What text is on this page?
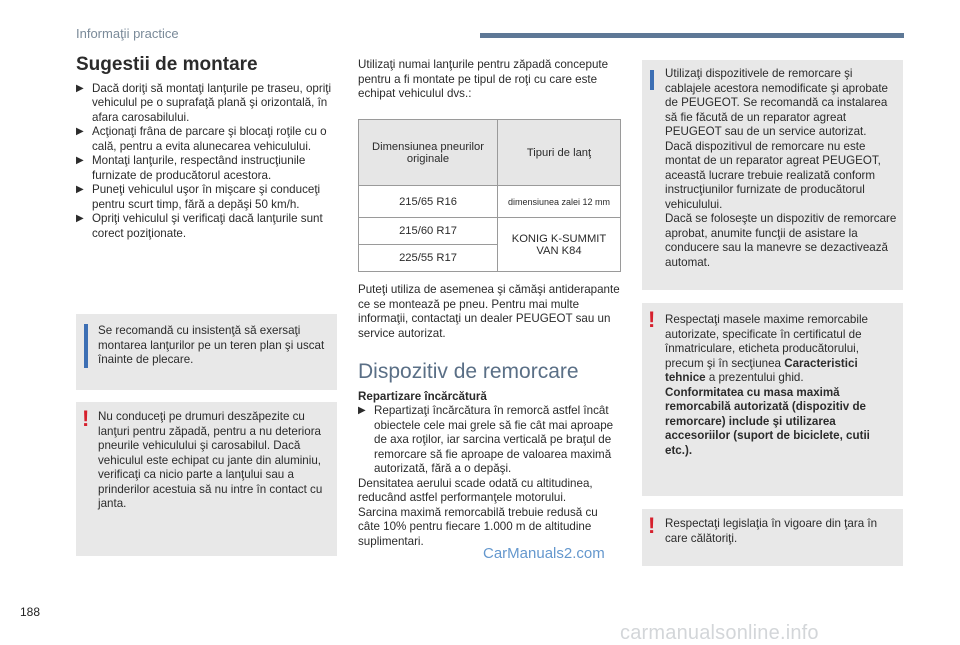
Informaţii practice
Sugestii de montare
▶ Dacă doriţi să montaţi lanţurile pe traseu, opriţi vehiculul pe o suprafaţă plană şi orizontală, în afara carosabilului.
▶ Acţionaţi frâna de parcare şi blocaţi roţile cu o cală, pentru a evita alunecarea vehiculului.
▶ Montaţi lanţurile, respectând instrucţiunile furnizate de producătorul acestora.
▶ Puneţi vehiculul uşor în mişcare şi conduceţi pentru scurt timp, fără a depăşi 50 km/h.
▶ Opriţi vehiculul şi verificaţi dacă lanţurile sunt corect poziţionate.
Se recomandă cu insistenţă să exersaţi montarea lanţurilor pe un teren plan şi uscat înainte de plecare.
! Nu conduceţi pe drumuri deszăpezite cu lanţuri pentru zăpadă, pentru a nu deteriora pneurile vehiculului şi carosabilul. Dacă vehiculul este echipat cu jante din aluminiu, verificaţi ca nicio parte a lanţului sau a prinderilor acestuia să nu intre în contact cu janta.
Utilizaţi numai lanţurile pentru zăpadă concepute pentru a fi montate pe tipul de roţi cu care este echipat vehiculul dvs.:
Dimensiunea pneurilor originale	Tipuri de lanţ
215/65 R16	dimensiunea zalei 12 mm
215/60 R17	KONIG K-SUMMIT VAN K84

225/55 R17	
Puteţi utiliza de asemenea şi cămăşi antiderapante ce se montează pe pneu. Pentru mai multe informaţii, contactaţi un dealer PEUGEOT sau un service autorizat.
Dispozitiv de remorcare
Repartizare încărcătură
▶ Repartizaţi încărcătura în remorcă astfel încât obiectele cele mai grele să fie cât mai aproape de axa roţilor, iar sarcina verticală pe braţul de remorcare să fie aproape de valoarea maximă autorizată, fără a o depăşi.
Densitatea aerului scade odată cu altitudinea, reducând astfel performanţele motorului.
Sarcina maximă remorcabilă trebuie redusă cu câte 10% pentru fiecare 1.000 m de altitudine suplimentari.
CarManuals2.com
Utilizaţi dispozitivele de remorcare şi cablajele acestora nemodificate şi aprobate de PEUGEOT. Se recomandă ca instalarea să fie făcută de un reparator agreat PEUGEOT sau de un service autorizat.
Dacă dispozitivul de remorcare nu este montat de un reparator agreat PEUGEOT, această lucrare trebuie realizată conform instrucţiunilor furnizate de producătorul vehiculului.
Dacă se foloseşte un dispozitiv de remorcare aprobat, anumite funcţii de asistare la conducere sau la manevre se dezactivează automat.
! Respectaţi masele maxime remorcabile autorizate, specificate în certificatul de înmatriculare, eticheta producătorului, precum şi în secţiunea Caracteristici tehnice a prezentului ghid.
Conformitatea cu masa maximă remorcabilă autorizată (dispozitiv de remorcare) include şi utilizarea accesoriilor (suport de biciclete, cutii etc.).
! Respectaţi legislaţia în vigoare din ţara în care călătoriţi.
188
carmanualsonline.info
